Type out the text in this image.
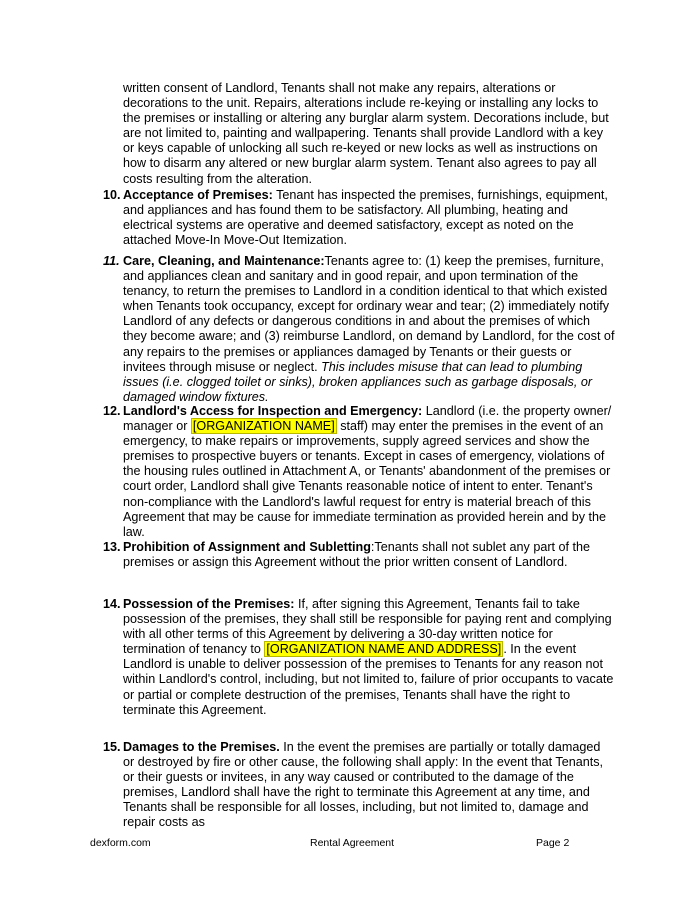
written consent of Landlord, Tenants shall not make any repairs, alterations or decorations to the unit. Repairs, alterations include re-keying or installing any locks to the premises or installing or altering any burglar alarm system. Decorations include, but are not limited to, painting and wallpapering. Tenants shall provide Landlord with a key or keys capable of unlocking all such re-keyed or new locks as well as instructions on how to disarm any altered or new burglar alarm system. Tenant also agrees to pay all costs resulting from the alteration.
10. Acceptance of Premises: Tenant has inspected the premises, furnishings, equipment, and appliances and has found them to be satisfactory. All plumbing, heating and electrical systems are operative and deemed satisfactory, except as noted on the attached Move-In Move-Out Itemization.
11. Care, Cleaning, and Maintenance:Tenants agree to: (1) keep the premises, furniture, and appliances clean and sanitary and in good repair, and upon termination of the tenancy, to return the premises to Landlord in a condition identical to that which existed when Tenants took occupancy, except for ordinary wear and tear; (2) immediately notify Landlord of any defects or dangerous conditions in and about the premises of which they become aware; and (3) reimburse Landlord, on demand by Landlord, for the cost of any repairs to the premises or appliances damaged by Tenants or their guests or invitees through misuse or neglect. This includes misuse that can lead to plumbing issues (i.e. clogged toilet or sinks), broken appliances such as garbage disposals, or damaged window fixtures.
12. Landlord's Access for Inspection and Emergency: Landlord (i.e. the property owner/ manager or [ORGANIZATION NAME] staff) may enter the premises in the event of an emergency, to make repairs or improvements, supply agreed services and show the premises to prospective buyers or tenants. Except in cases of emergency, violations of the housing rules outlined in Attachment A, or Tenants' abandonment of the premises or court order, Landlord shall give Tenants reasonable notice of intent to enter. Tenant's non-compliance with the Landlord's lawful request for entry is material breach of this Agreement that may be cause for immediate termination as provided herein and by the law.
13. Prohibition of Assignment and Subletting:Tenants shall not sublet any part of the premises or assign this Agreement without the prior written consent of Landlord.
14. Possession of the Premises: If, after signing this Agreement, Tenants fail to take possession of the premises, they shall still be responsible for paying rent and complying with all other terms of this Agreement by delivering a 30-day written notice for termination of tenancy to [ORGANIZATION NAME AND ADDRESS] . In the event Landlord is unable to deliver possession of the premises to Tenants for any reason not within Landlord's control, including, but not limited to, failure of prior occupants to vacate or partial or complete destruction of the premises, Tenants shall have the right to terminate this Agreement.
15. Damages to the Premises. In the event the premises are partially or totally damaged or destroyed by fire or other cause, the following shall apply: In the event that Tenants, or their guests or invitees, in any way caused or contributed to the damage of the premises, Landlord shall have the right to terminate this Agreement at any time, and Tenants shall be responsible for all losses, including, but not limited to, damage and repair costs as
dexform.com	Rental Agreement	Page 2
